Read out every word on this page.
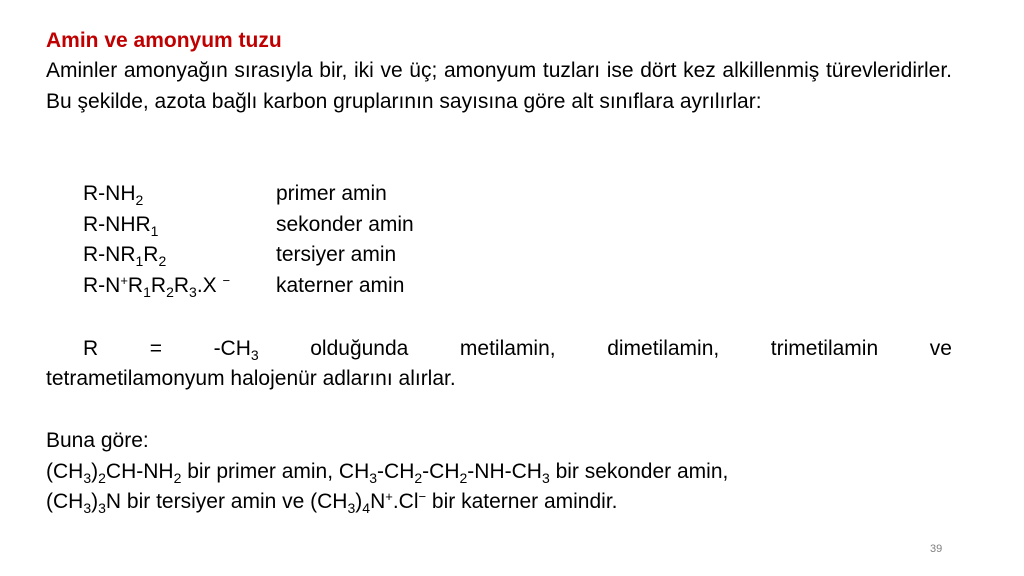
Amin ve amonyum tuzu
Aminler amonyağın sırasıyla bir, iki ve üç; amonyum tuzları ise dört kez alkillenmiş türevleridirler. Bu şekilde, azota bağlı karbon gruplarının sayısına göre alt sınıflara ayrılırlar:
$R-NH_2$	primer amin
$R-NHR_1$	sekonder amin
$R-NR_1R_2$	tersiyer amin
$R-N^+R_1R_2R_3.X$ − katerner amin
$R = -CH_3$ olduğunda metilamin, dimetilamin, trimetilamin ve
tetrametilamonyum halojenür adlarını alırlar.
Buna göre:
$(CH_3)_2CH-NH_2$ bir primer amin, $CH_3-CH_2-CH_2-NH-CH_3$ bir sekonder amin,
$(CH_3)_3N$ bir tersiyer amin ve $(CH_3)_4N^+.Cl^-$ bir katerner amindir.
39
